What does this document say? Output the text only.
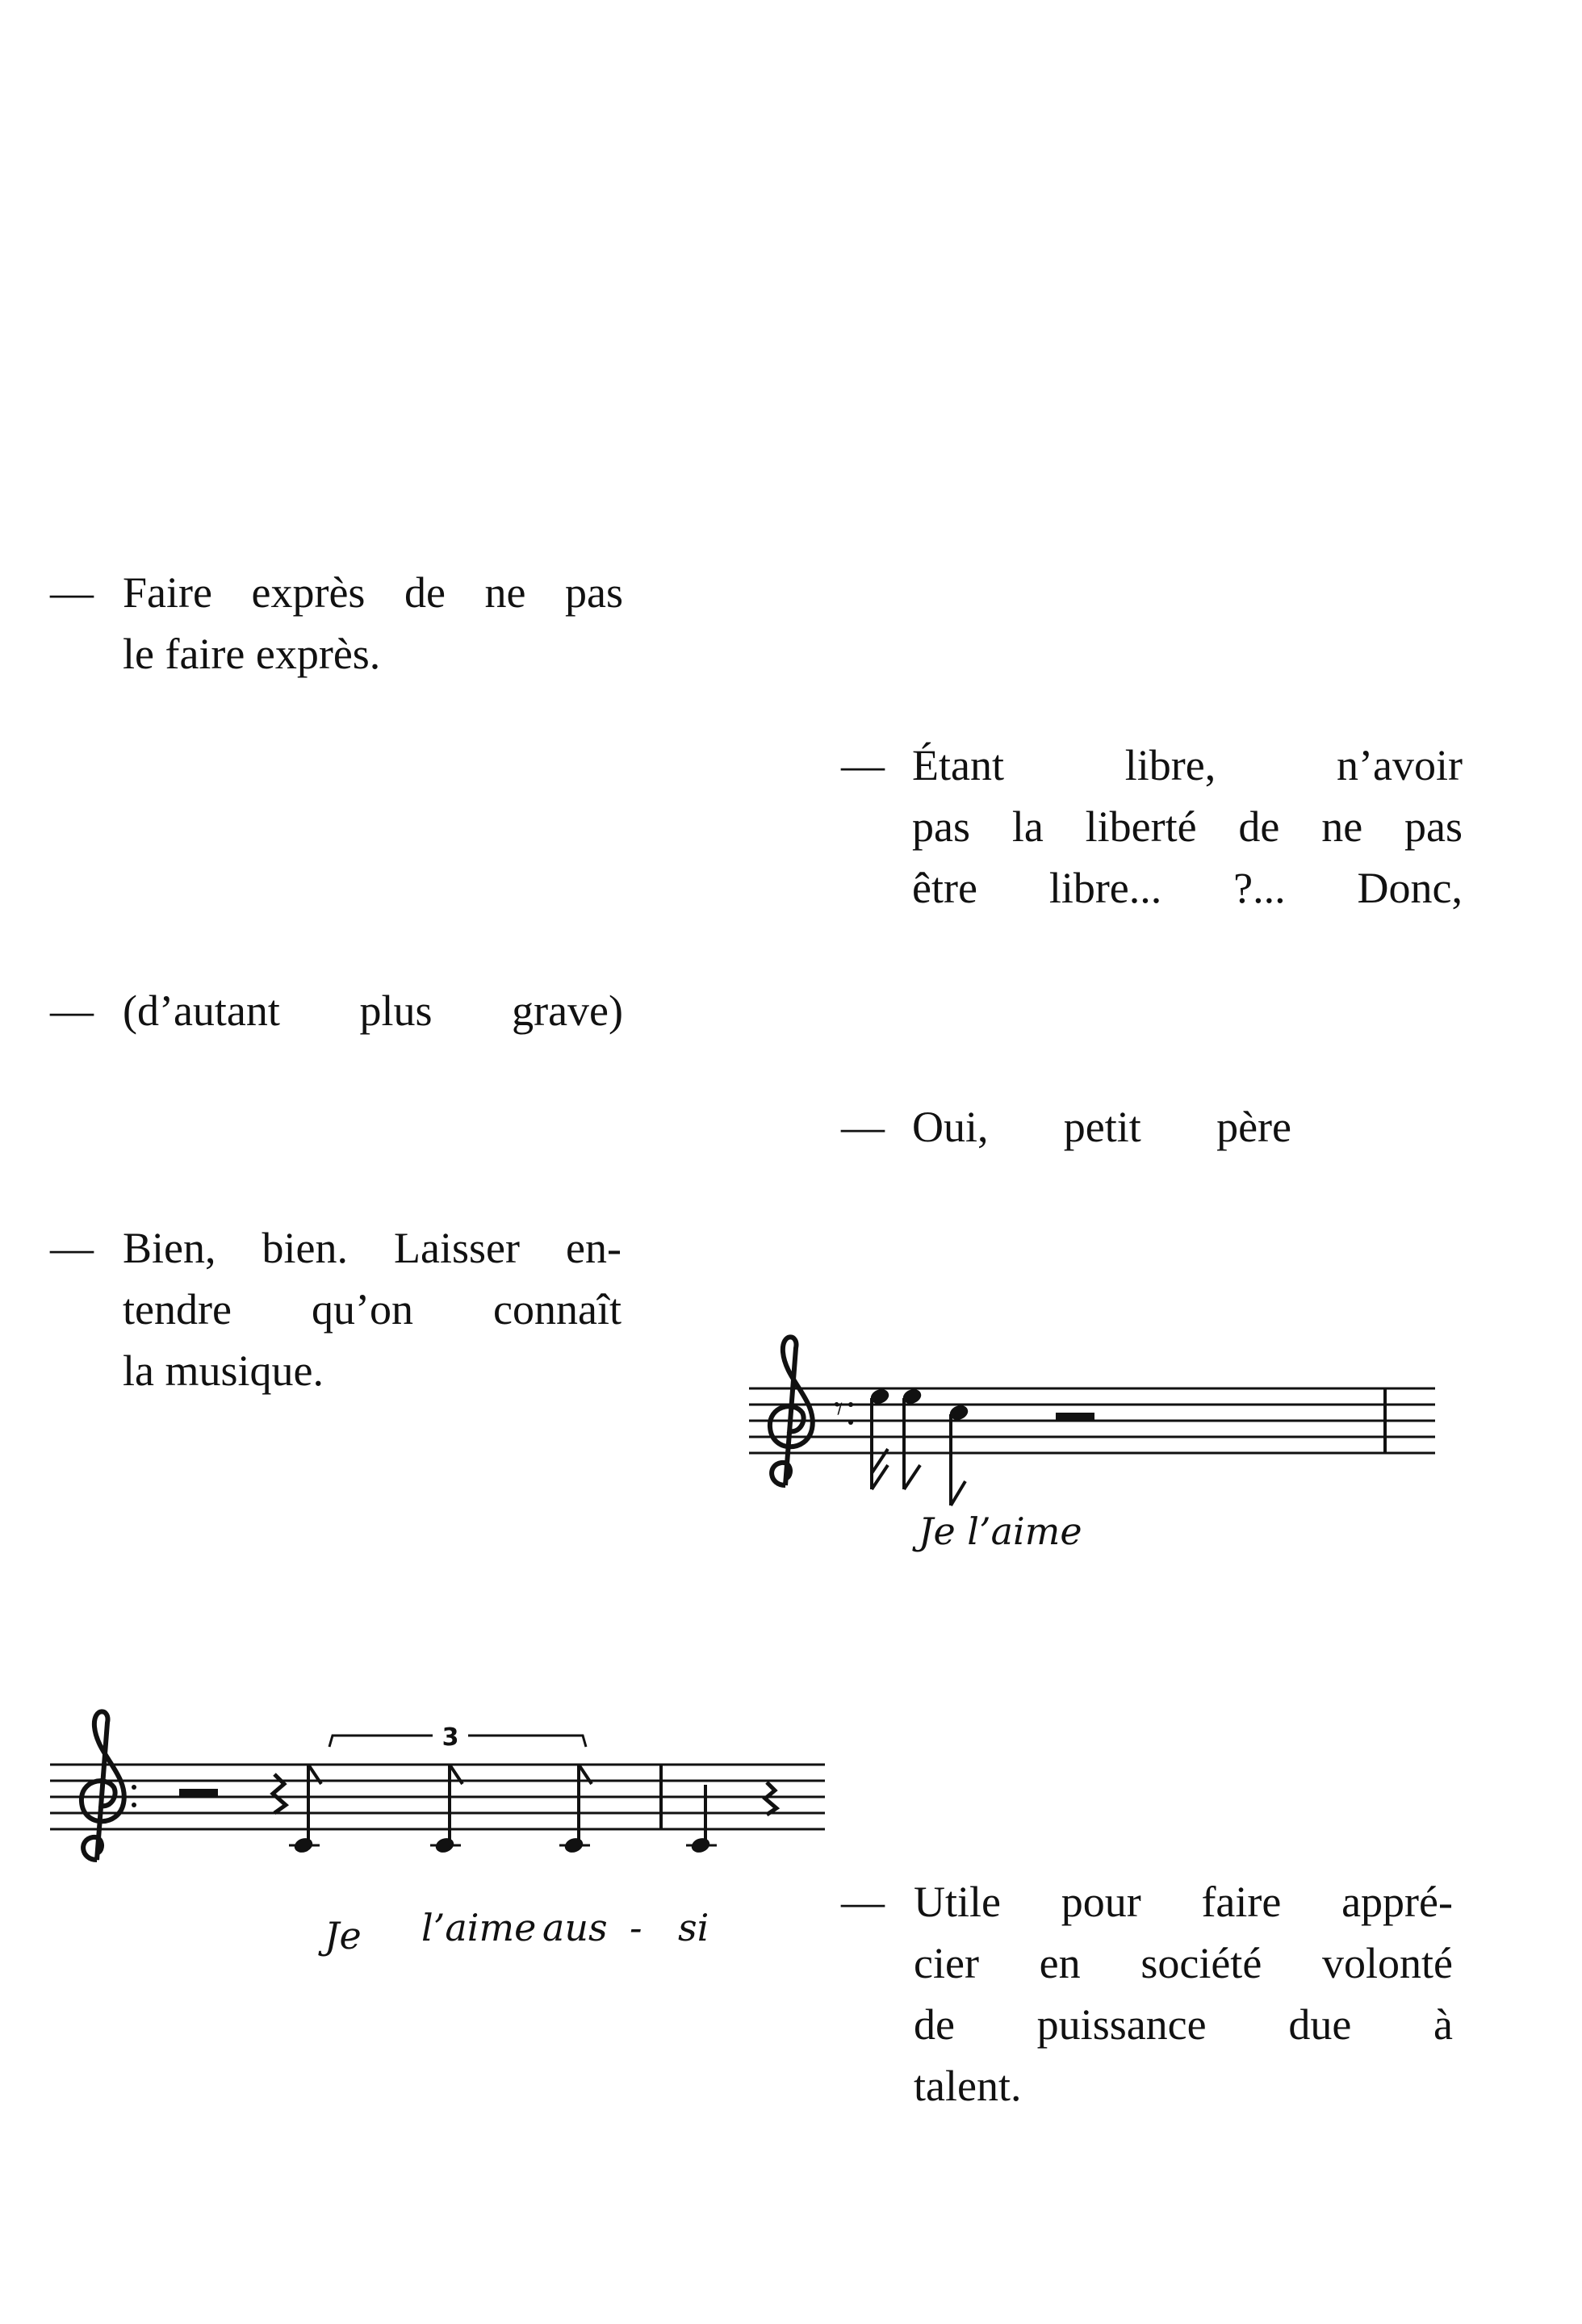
— Faire exprès de ne pas
le faire exprès.
— Étant libre, n’avoir
pas la liberté de ne pas
être libre... ?... Donc,
— (d’autant plus grave)
— Oui, petit père
— Bien, bien. Laisser en-
tendre qu’on connaît
la musique.
𝄾
Je l’aime
3
Je l’aime aus - si
— Utile pour faire appré-
cier en société volonté
de puissance due à
talent.
